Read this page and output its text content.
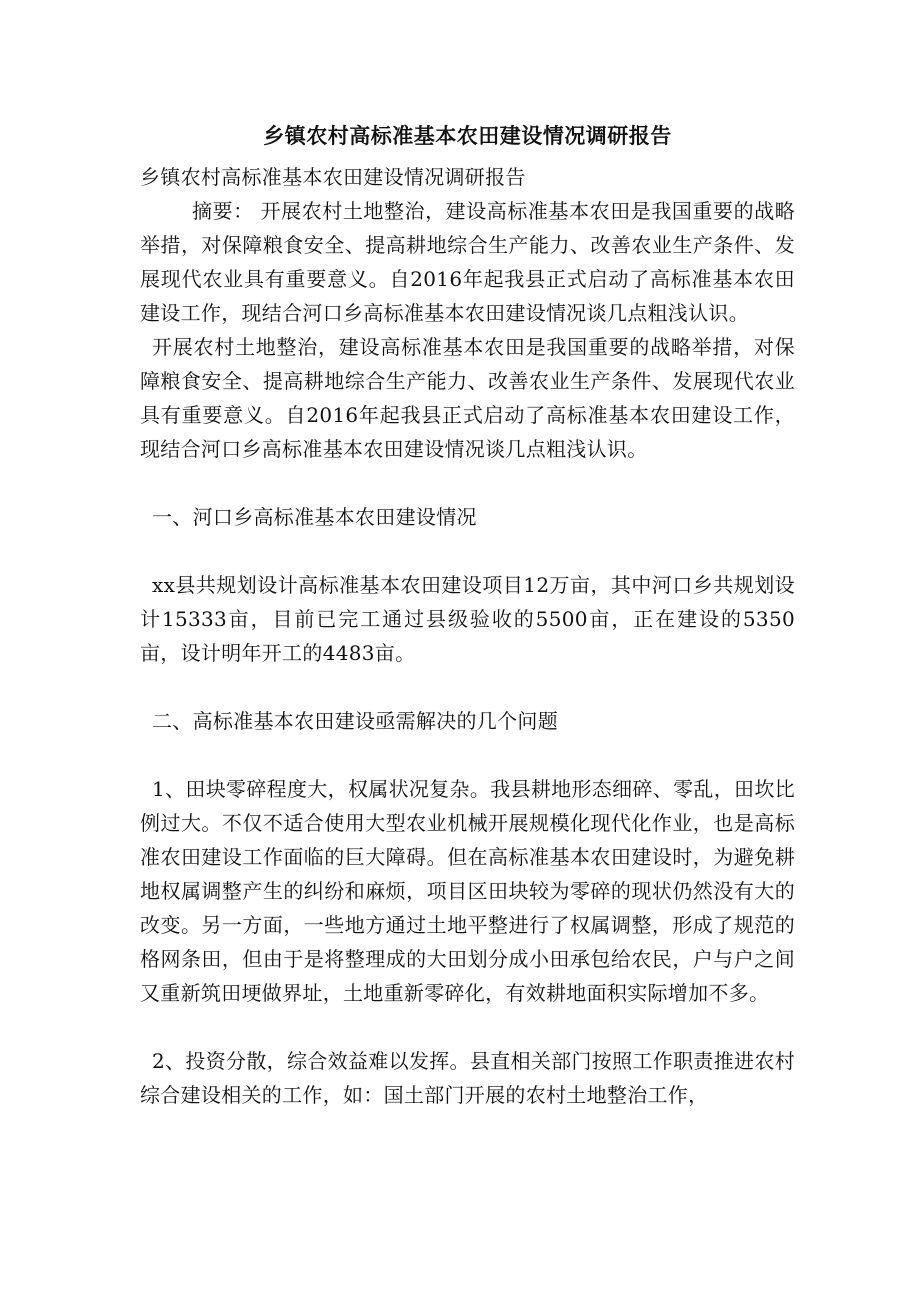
乡镇农村高标准基本农田建设情况调研报告

乡镇农村高标准基本农田建设情况调研报告

摘要： 开展农村土地整治，建设高标准基本农田是我国重要的战略举措，对保障粮食安全、提高耕地综合生产能力、改善农业生产条件、发展现代农业具有重要意义。自2016年起我县正式启动了高标准基本农田建设工作，现结合河口乡高标准基本农田建设情况谈几点粗浅认识。

开展农村土地整治，建设高标准基本农田是我国重要的战略举措，对保障粮食安全、提高耕地综合生产能力、改善农业生产条件、发展现代农业具有重要意义。自2016年起我县正式启动了高标准基本农田建设工作，现结合河口乡高标准基本农田建设情况谈几点粗浅认识。

一、河口乡高标准基本农田建设情况

xx县共规划设计高标准基本农田建设项目12万亩，其中河口乡共规划设计15333亩，目前已完工通过县级验收的5500亩，正在建设的5350亩，设计明年开工的4483亩。

二、高标准基本农田建设亟需解决的几个问题

1、田块零碎程度大，权属状况复杂。我县耕地形态细碎、零乱，田坎比例过大。不仅不适合使用大型农业机械开展规模化现代化作业，也是高标准农田建设工作面临的巨大障碍。但在高标准基本农田建设时，为避免耕地权属调整产生的纠纷和麻烦，项目区田块较为零碎的现状仍然没有大的改变。另一方面，一些地方通过土地平整进行了权属调整，形成了规范的格网条田，但由于是将整理成的大田划分成小田承包给农民，户与户之间又重新筑田埂做界址，土地重新零碎化，有效耕地面积实际增加不多。

2、投资分散，综合效益难以发挥。县直相关部门按照工作职责推进农村综合建设相关的工作，如：国土部门开展的农村土地整治工作，
